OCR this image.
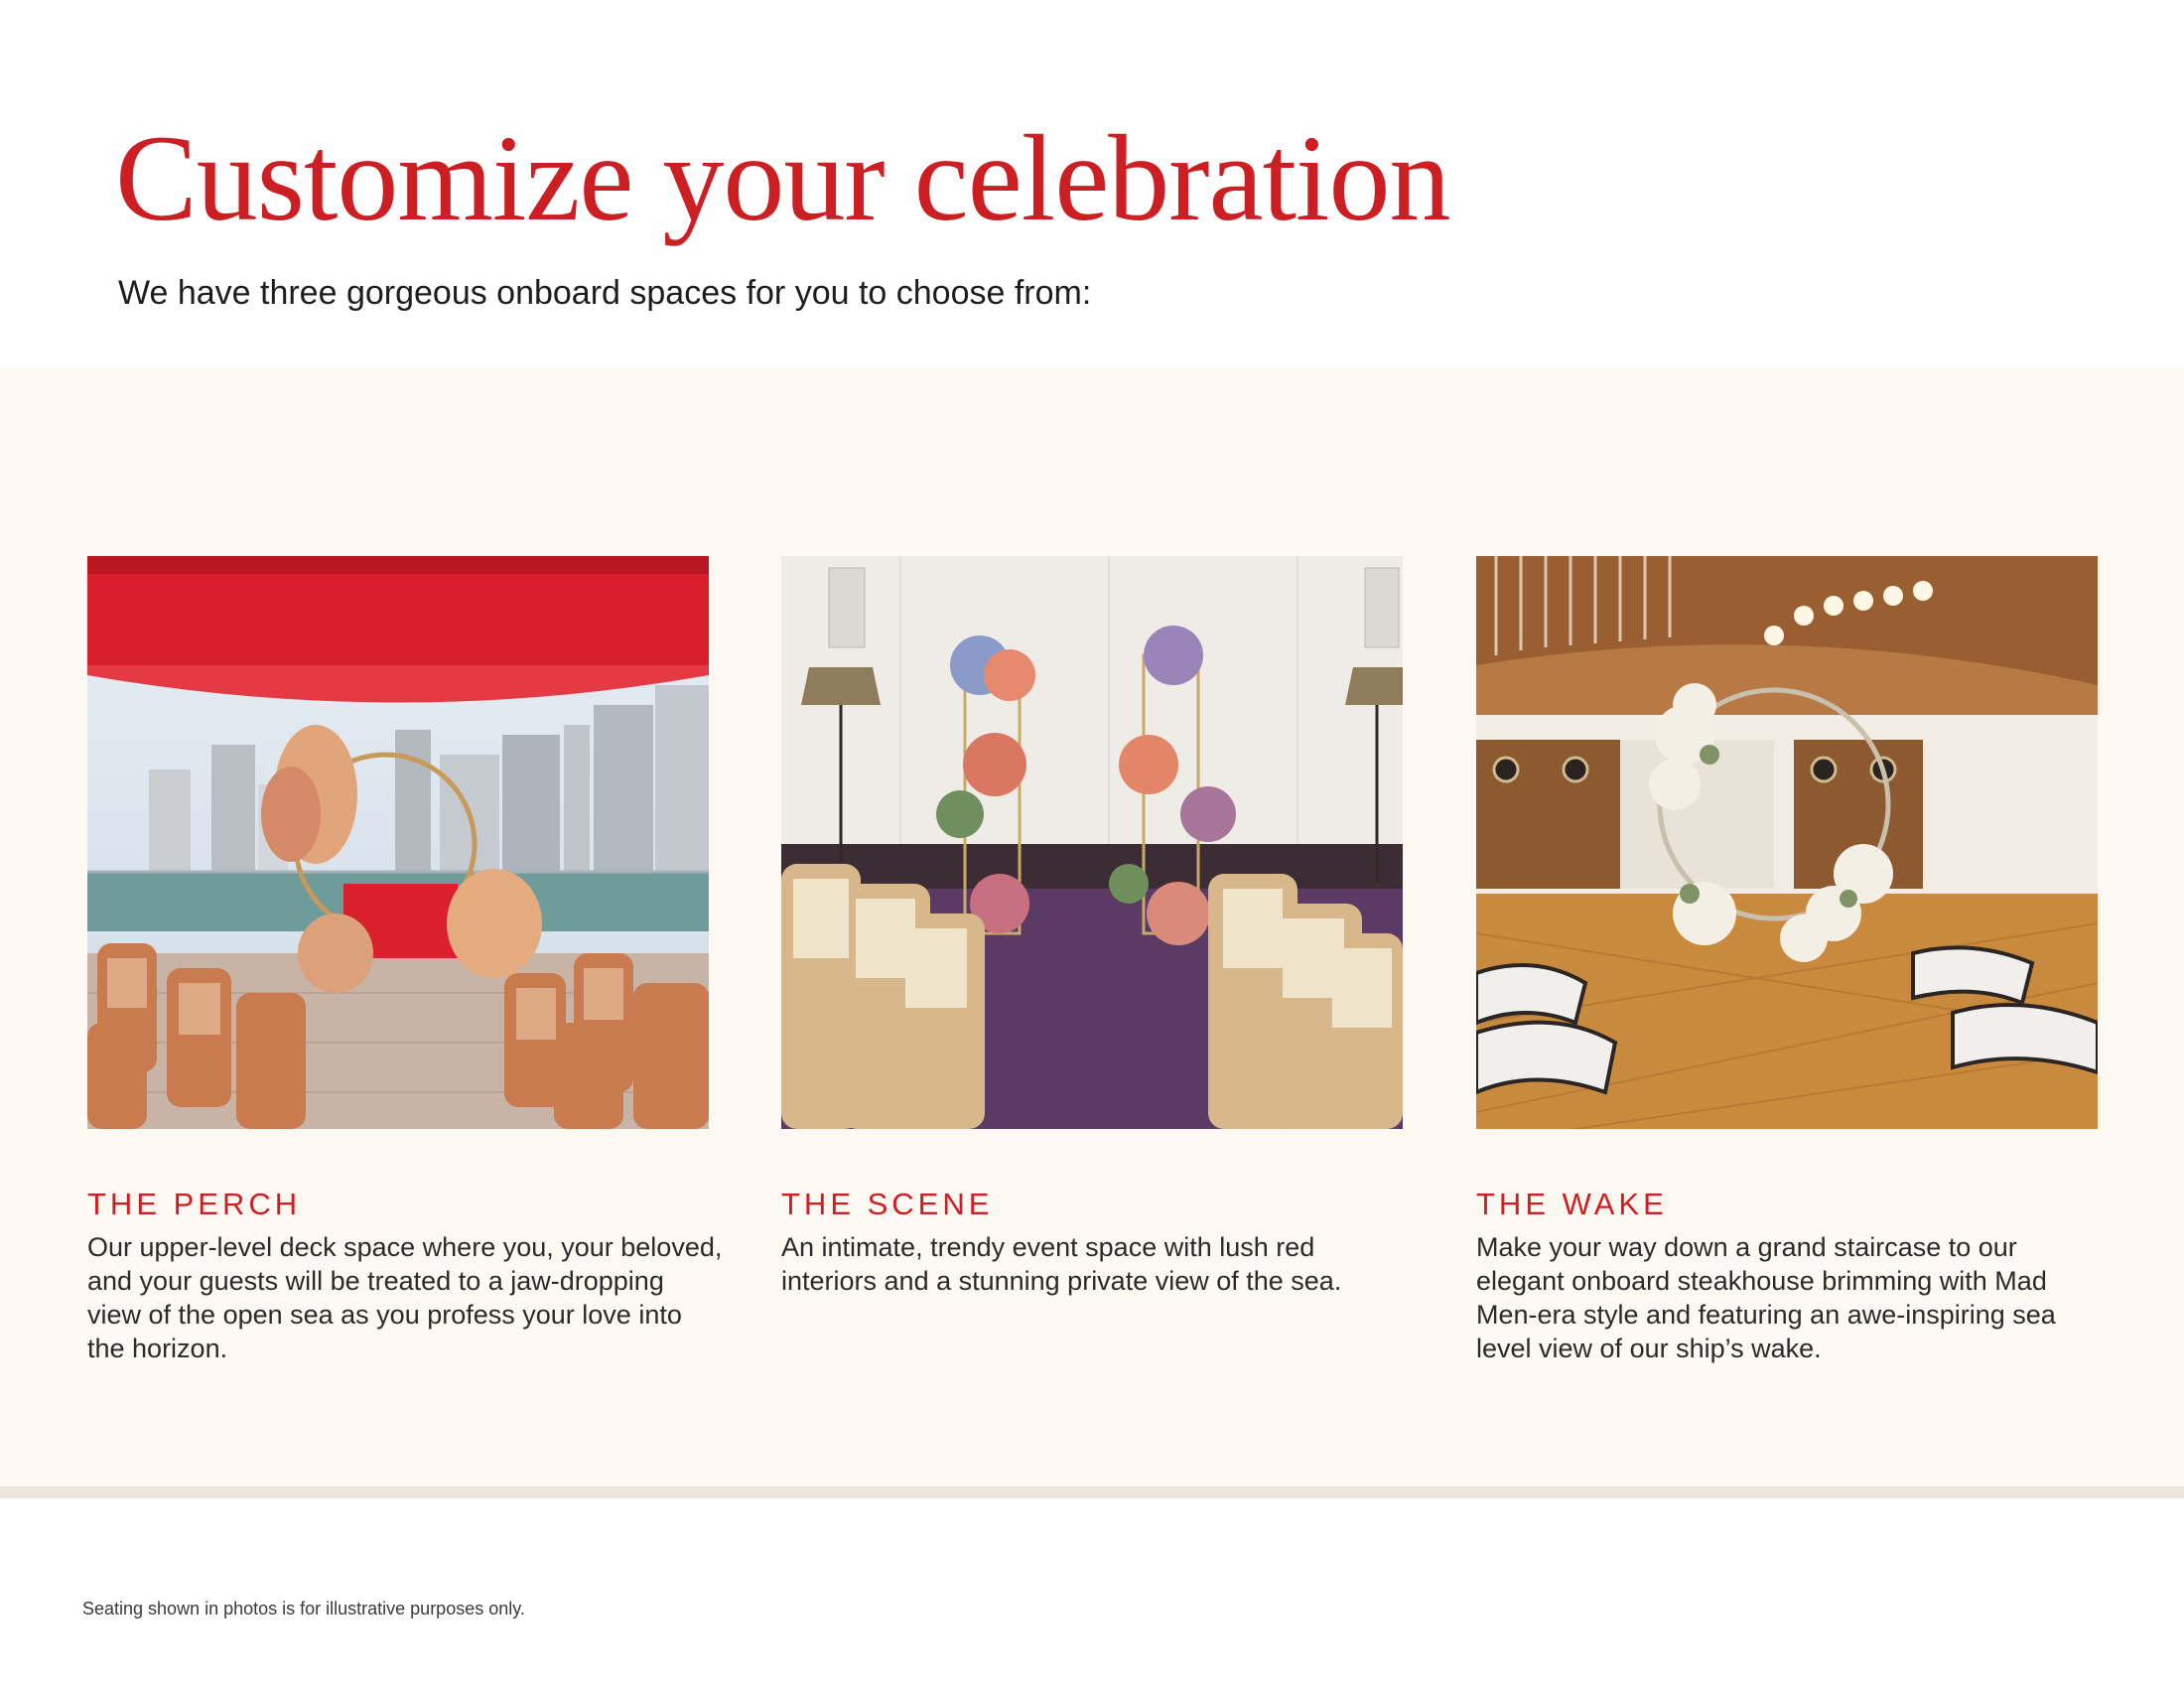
Customize your celebration

We have three gorgeous onboard spaces for you to choose from:

THE PERCH

Our upper-level deck space where you, your beloved, and your guests will be treated to a jaw-dropping view of the open sea as you profess your love into the horizon.

THE SCENE

An intimate, trendy event space with lush red interiors and a stunning private view of the sea.

THE WAKE

Make your way down a grand staircase to our elegant onboard steakhouse brimming with Mad Men-era style and featuring an awe-inspiring sea level view of our ship’s wake.

Seating shown in photos is for illustrative purposes only.
